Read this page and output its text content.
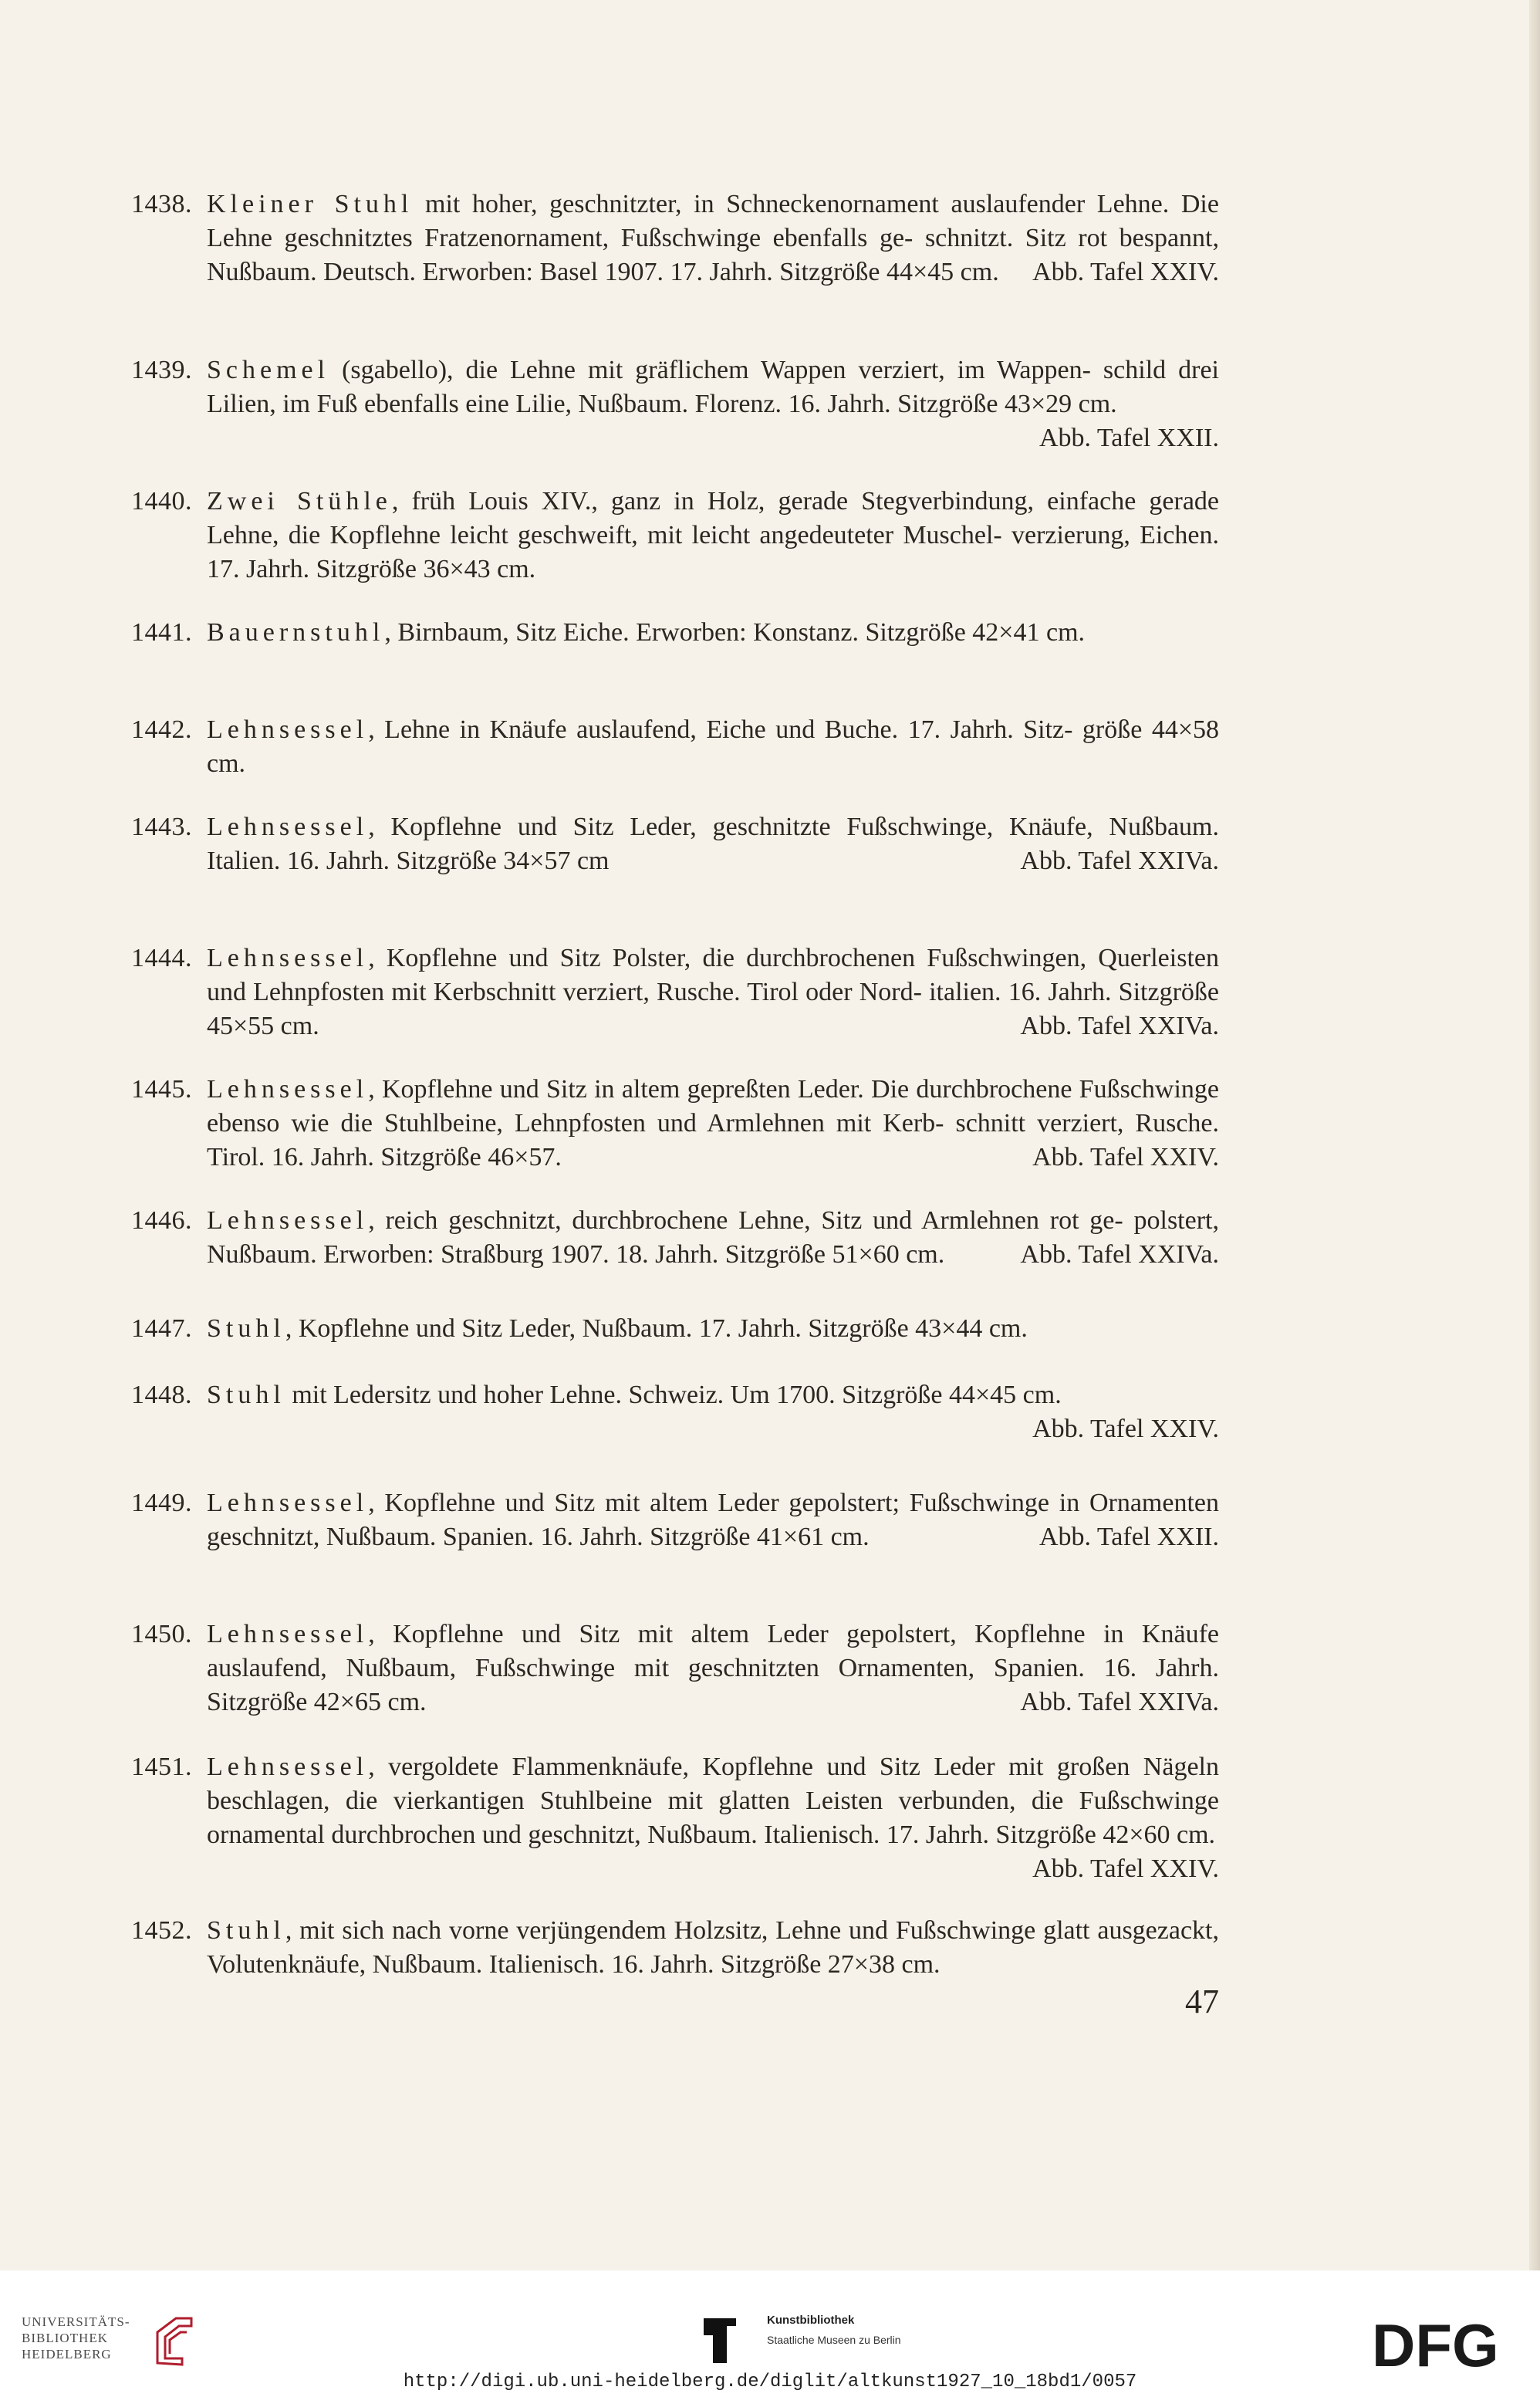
1438. Kleiner Stuhl mit hoher, geschnitzter, in Schneckenornament auslaufender Lehne. Die Lehne geschnitztes Fratzenornament, Fußschwinge ebenfalls ge- schnitzt. Sitz rot bespannt, Nußbaum. Deutsch. Erworben: Basel 1907. 17. Jahrh. Sitzgröße 44×45 cm. Abb. Tafel XXIV.
1439. Schemel (sgabello), die Lehne mit gräflichem Wappen verziert, im Wappen- schild drei Lilien, im Fuß ebenfalls eine Lilie, Nußbaum. Florenz. 16. Jahrh. Sitzgröße 43×29 cm.
Abb. Tafel XXII.
1440. Zwei Stühle, früh Louis XIV., ganz in Holz, gerade Stegverbindung, einfache gerade Lehne, die Kopflehne leicht geschweift, mit leicht angedeuteter Muschel- verzierung, Eichen. 17. Jahrh. Sitzgröße 36×43 cm.
1441. Bauernstuhl, Birnbaum, Sitz Eiche. Erworben: Konstanz. Sitzgröße 42×41 cm.
1442. Lehnsessel, Lehne in Knäufe auslaufend, Eiche und Buche. 17. Jahrh. Sitz- größe 44×58 cm.
1443. Lehnsessel, Kopflehne und Sitz Leder, geschnitzte Fußschwinge, Knäufe, Nußbaum. Italien. 16. Jahrh. Sitzgröße 34×57 cm	Abb. Tafel XXIVa.
1444. Lehnsessel, Kopflehne und Sitz Polster, die durchbrochenen Fußschwingen, Querleisten und Lehnpfosten mit Kerbschnitt verziert, Rusche. Tirol oder Nord- italien. 16. Jahrh. Sitzgröße 45×55 cm.	Abb. Tafel XXIVa.
1445. Lehnsessel, Kopflehne und Sitz in altem gepreßten Leder. Die durchbrochene Fußschwinge ebenso wie die Stuhlbeine, Lehnpfosten und Armlehnen mit Kerb- schnitt verziert, Rusche. Tirol. 16. Jahrh. Sitzgröße 46×57.	Abb. Tafel XXIV.
1446. Lehnsessel, reich geschnitzt, durchbrochene Lehne, Sitz und Armlehnen rot ge- polstert, Nußbaum. Erworben: Straßburg 1907. 18. Jahrh. Sitzgröße 51×60 cm.	Abb. Tafel XXIVa.
1447. Stuhl, Kopflehne und Sitz Leder, Nußbaum. 17. Jahrh. Sitzgröße 43×44 cm.
1448. Stuhl mit Ledersitz und hoher Lehne. Schweiz. Um 1700. Sitzgröße 44×45 cm.
Abb. Tafel XXIV.
1449. Lehnsessel, Kopflehne und Sitz mit altem Leder gepolstert; Fußschwinge in Ornamenten geschnitzt, Nußbaum. Spanien. 16. Jahrh. Sitzgröße 41×61 cm.	Abb. Tafel XXII.
1450. Lehnsessel, Kopflehne und Sitz mit altem Leder gepolstert, Kopflehne in Knäufe auslaufend, Nußbaum, Fußschwinge mit geschnitzten Ornamenten, Spanien. 16. Jahrh. Sitzgröße 42×65 cm.	Abb. Tafel XXIVa.
1451. Lehnsessel, vergoldete Flammenknäufe, Kopflehne und Sitz Leder mit großen Nägeln beschlagen, die vierkantigen Stuhlbeine mit glatten Leisten verbunden, die Fußschwinge ornamental durchbrochen und geschnitzt, Nußbaum. Italienisch. 17. Jahrh. Sitzgröße 42×60 cm.
Abb. Tafel XXIV.
1452. Stuhl, mit sich nach vorne verjüngendem Holzsitz, Lehne und Fußschwinge glatt ausgezackt, Volutenknäufe, Nußbaum. Italienisch. 16. Jahrh. Sitzgröße 27×38 cm.
47
UNIVERSITÄTS-
BIBLIOTHEK
HEIDELBERG
Kunstbibliothek
Staatliche Museen zu Berlin	DFG
http://digi.ub.uni-heidelberg.de/diglit/altkunst1927_10_18bd1/0057
